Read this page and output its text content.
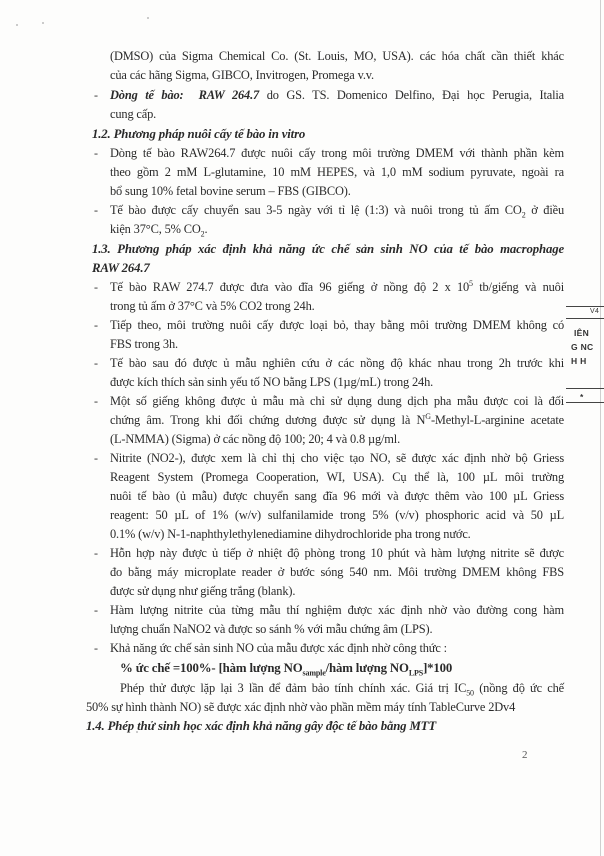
(DMSO) của Sigma Chemical Co. (St. Louis, MO, USA). các hóa chất cần thiết khác
của các hãng Sigma, GIBCO, Invitrogen, Promega v.v.
- Dòng tế bào: RAW 264.7 do GS. TS. Domenico Delfino, Đại học Perugia, Italia
cung cấp.
1.2. Phương pháp nuôi cấy tế bào in vitro
- Dòng tế bào RAW264.7 được nuôi cấy trong môi trường DMEM với thành phần kèm
theo gồm 2 mM L-glutamine, 10 mM HEPES, và 1,0 mM sodium pyruvate, ngoài ra
bổ sung 10% fetal bovine serum – FBS (GIBCO).
- Tế bào được cấy chuyển sau 3-5 ngày với tỉ lệ (1:3) và nuôi trong tủ ấm $CO_2$ ở điều
kiện 37°C, 5% $CO_2$.
1.3. Phương pháp xác định khả năng ức chế sản sinh NO của tế bào macrophage
RAW 264.7
- Tế bào RAW 274.7 được đưa vào đĩa 96 giếng ở nồng độ 2 x $10^5$ tb/giếng và nuôi
trong tủ ấm ở 37°C và 5% CO2 trong 24h.
- Tiếp theo, môi trường nuôi cấy được loại bỏ, thay bằng môi trường DMEM không có
FBS trong 3h.
- Tế bào sau đó được ủ mẫu nghiên cứu ở các nồng độ khác nhau trong 2h trước khi
được kích thích sản sinh yếu tố NO bằng LPS (1µg/mL) trong 24h.
- Một số giếng không được ủ mẫu mà chỉ sử dụng dung dịch pha mẫu được coi là đối
chứng âm. Trong khi đối chứng dương được sử dụng là $N^G-Methyl-L$-arginine acetate
(L-NMMA) (Sigma) ở các nồng độ 100; 20; 4 và 0.8 µg/ml.
- Nitrite (NO2-), được xem là chỉ thị cho việc tạo NO, sẽ được xác định nhờ bộ Griess
Reagent System (Promega Cooperation, WI, USA). Cụ thể là, 100 µL môi trường
nuôi tế bào (ủ mẫu) được chuyển sang đĩa 96 mới và được thêm vào 100 µL Griess
reagent: 50 µL of 1% (w/v) sulfanilamide trong 5% (v/v) phosphoric acid và 50 µL
0.1% (w/v) N-1-naphthylethylenediamine dihydrochloride pha trong nước.
- Hỗn hợp này được ủ tiếp ở nhiệt độ phòng trong 10 phút và hàm lượng nitrite sẽ được
đo bằng máy microplate reader ở bước sóng 540 nm. Môi trường DMEM không FBS
được sử dụng như giếng trắng (blank).
- Hàm lượng nitrite của từng mẫu thí nghiệm được xác định nhờ vào đường cong hàm
lượng chuẩn NaNO2 và được so sánh % với mẫu chứng âm (LPS).
- Khả năng ức chế sản sinh NO của mẫu được xác định nhờ công thức :
% ức chế =100%- [hàm lượng $NO_{sample}$/hàm lượng $NO_{LPS}]*100$
Phép thử được lặp lại 3 lần để đảm bảo tính chính xác. Giá trị $IC_{50}$ (nồng độ ức chế
50% sự hình thành NO) sẽ được xác định nhờ vào phần mềm máy tính TableCurve 2Dv4
1.4. Phép thử sinh học xác định khả năng gây độc tế bào bằng MTT
V4
IÊN
G NC
H H
*
2
